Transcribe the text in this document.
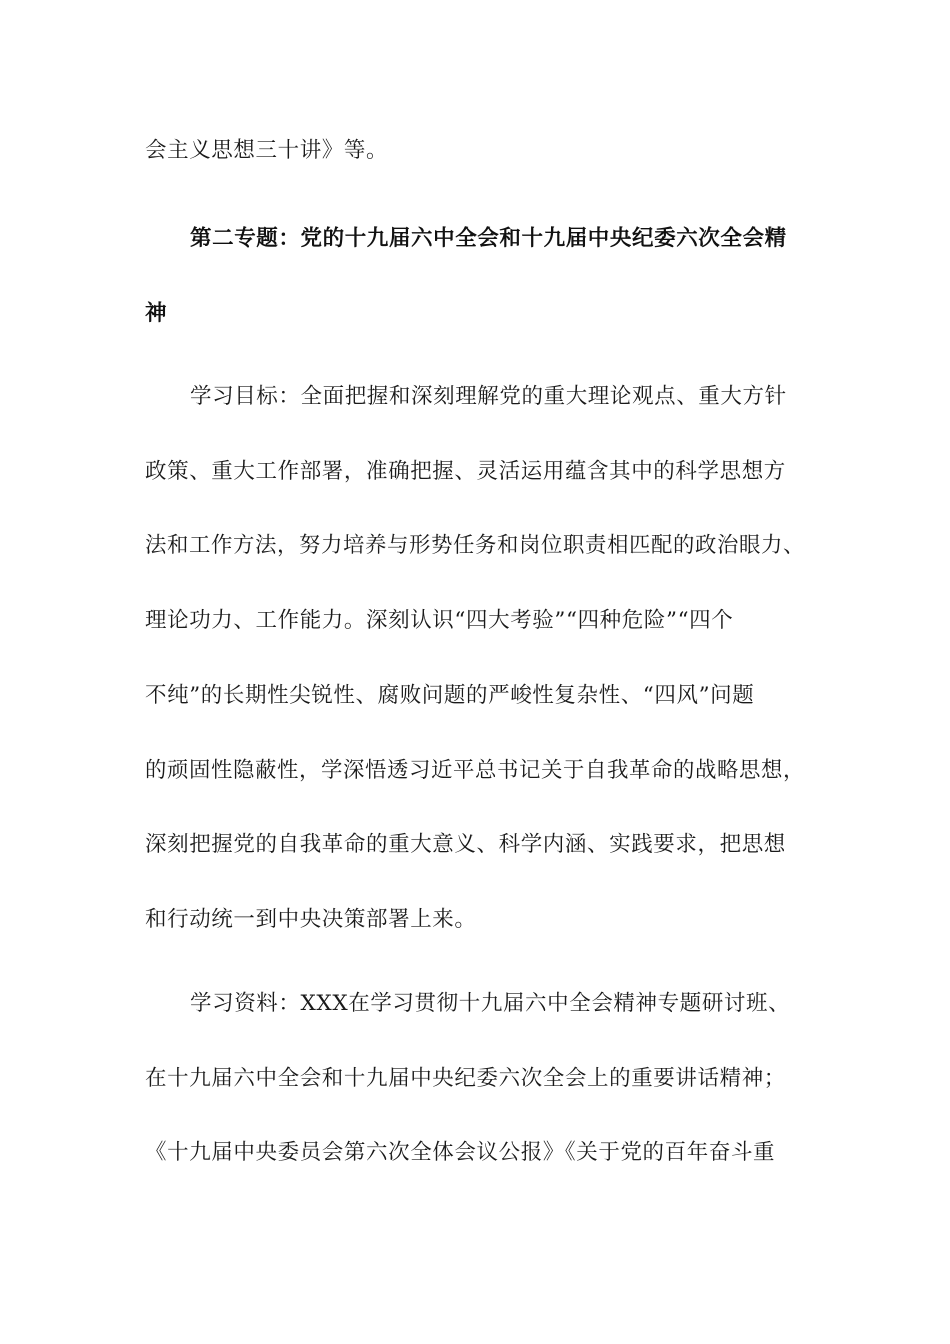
会主义思想三十讲》等。
第二专题：党的十九届六中全会和十九届中央纪委六次全会精
神
学习目标：全面把握和深刻理解党的重大理论观点、重大方针
政策、重大工作部署，准确把握、灵活运用蕴含其中的科学思想方
法和工作方法，努力培养与形势任务和岗位职责相匹配的政治眼力、
理论功力、工作能力。深刻认识“四大考验”“四种危险”“四个
不纯”的长期性尖锐性、腐败问题的严峻性复杂性、“四风”问题
的顽固性隐蔽性，学深悟透习近平总书记关于自我革命的战略思想，
深刻把握党的自我革命的重大意义、科学内涵、实践要求，把思想
和行动统一到中央决策部署上来。
学习资料：XXX在学习贯彻十九届六中全会精神专题研讨班、
在十九届六中全会和十九届中央纪委六次全会上的重要讲话精神；
《十九届中央委员会第六次全体会议公报》《关于党的百年奋斗重
